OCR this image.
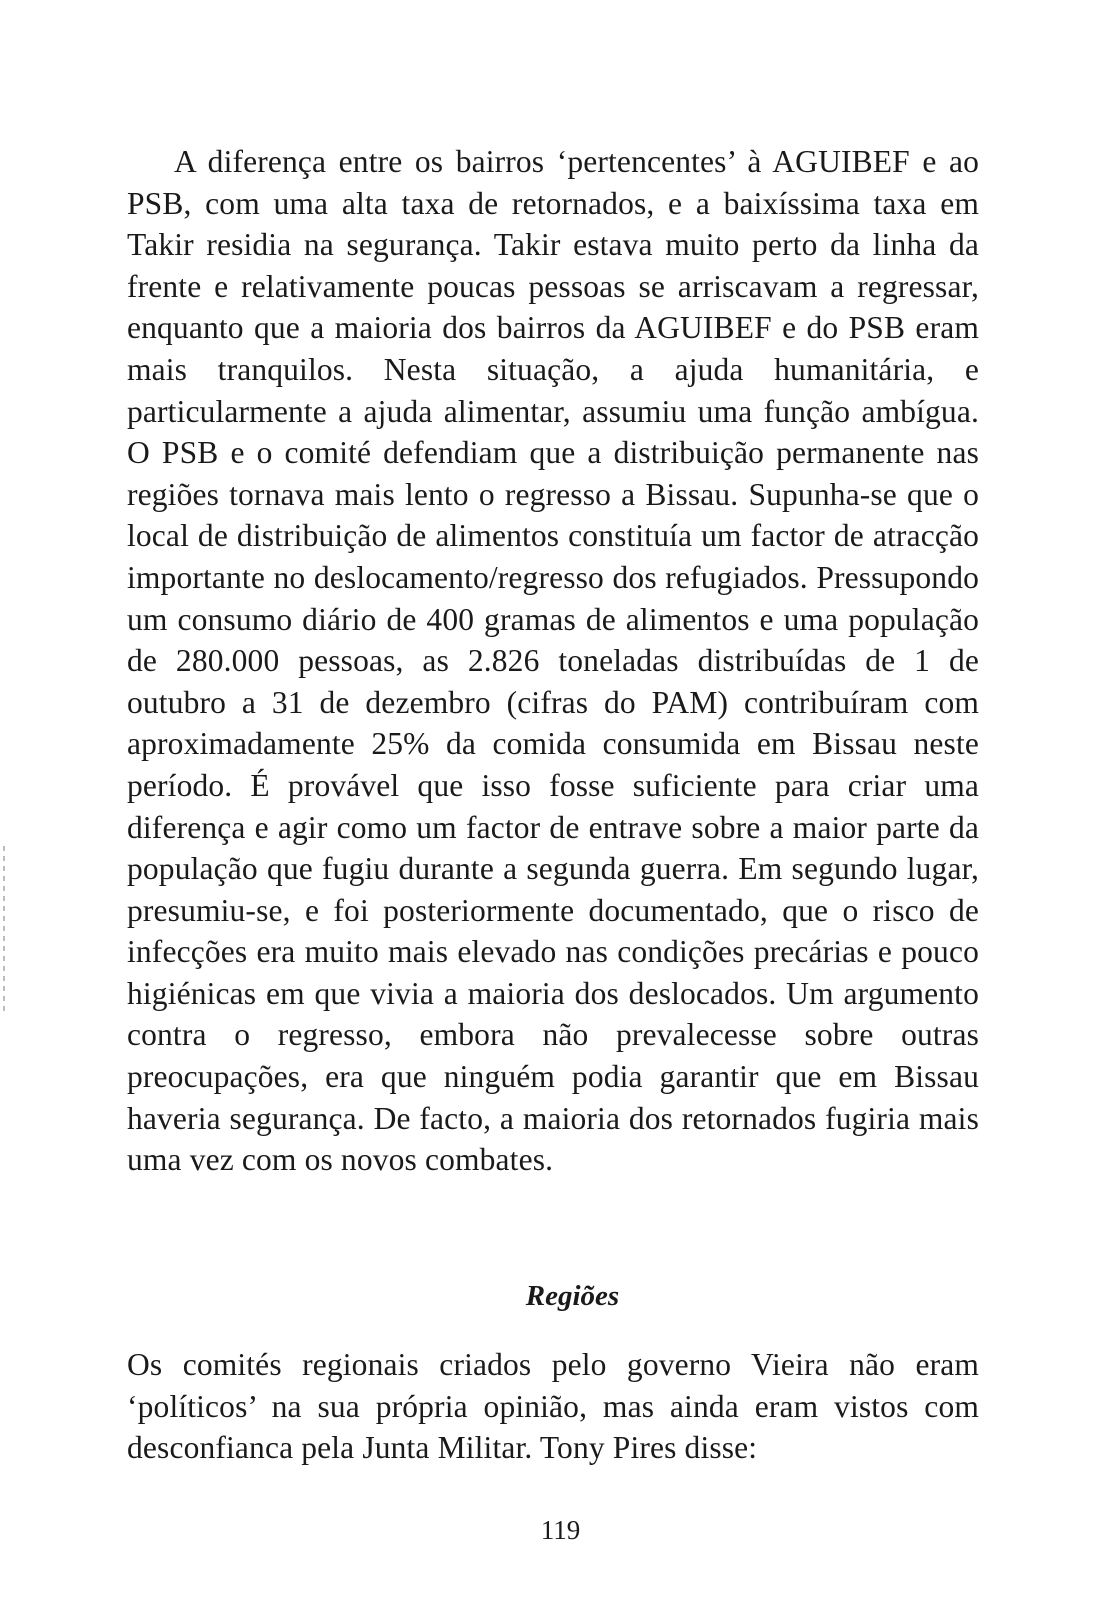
A diferença entre os bairros ‘pertencentes’ à AGUIBEF e ao PSB, com uma alta taxa de retornados, e a baixíssima taxa em Takir residia na segurança. Takir estava muito perto da linha da frente e relativamente poucas pessoas se arriscavam a regressar, enquanto que a maioria dos bairros da AGUIBEF e do PSB eram mais tranquilos. Nesta situação, a ajuda humanitária, e particularmente a ajuda alimentar, assumiu uma função ambígua. O PSB e o comité defendiam que a distribuição permanente nas regiões tornava mais lento o regresso a Bissau. Supunha-se que o local de distribuição de alimentos constituía um factor de atracção importante no deslocamento/regresso dos refugiados. Pressupondo um consumo diário de 400 gramas de alimentos e uma população de 280.000 pessoas, as 2.826 toneladas distribuídas de 1 de outubro a 31 de dezembro (cifras do PAM) contribuíram com aproximadamente 25% da comida consumida em Bissau neste período. É provável que isso fosse suficiente para criar uma diferença e agir como um factor de entrave sobre a maior parte da população que fugiu durante a segunda guerra. Em segundo lugar, presumiu-se, e foi posteriormente documentado, que o risco de infecções era muito mais elevado nas condições precárias e pouco higiénicas em que vivia a maioria dos deslocados. Um argumento contra o regresso, embora não prevalecesse sobre outras preocupações, era que ninguém podia garantir que em Bissau haveria segurança. De facto, a maioria dos retornados fugiria mais uma vez com os novos combates.

Regiões

Os comités regionais criados pelo governo Vieira não eram ‘políticos’ na sua própria opinião, mas ainda eram vistos com desconfianca pela Junta Militar. Tony Pires disse:

119
